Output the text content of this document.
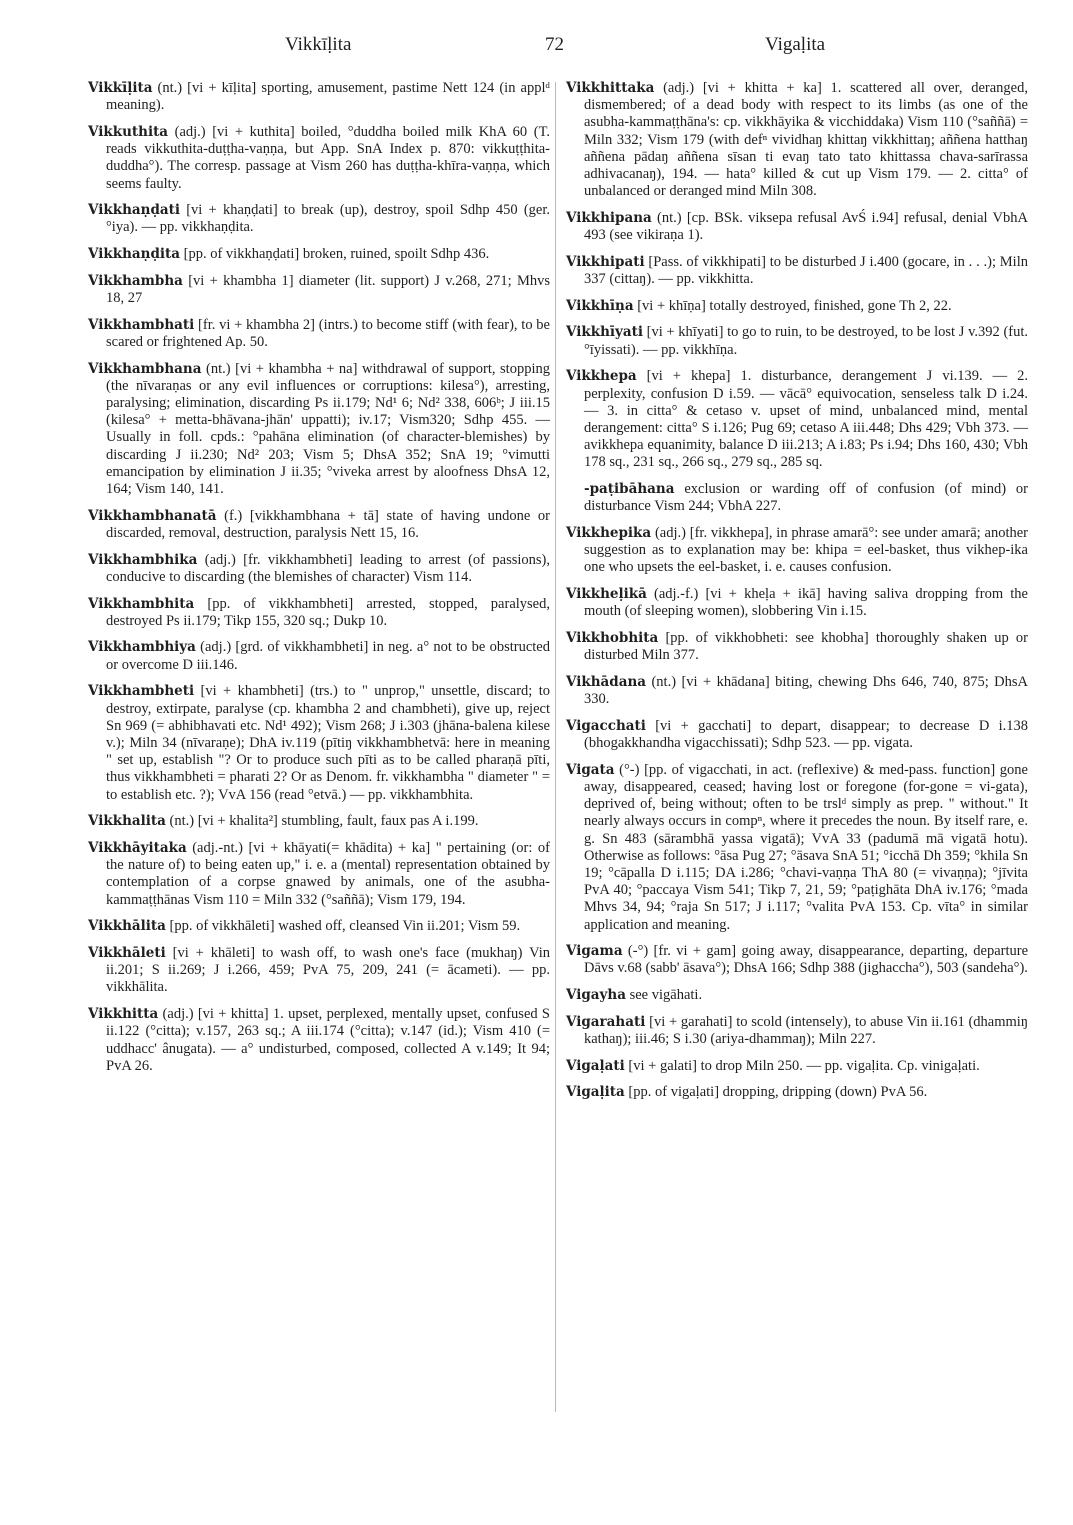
Vikkīḷita	72	Vigaḷita

Vikkīḷita (nt.) [vi + kīḷita] sporting, amusement, pastime Nett 124 (in applᵈ meaning).

Vikkuthita (adj.) [vi + kuthita] boiled, °duddha boiled milk KhA 60 (T. reads vikkuthita-duṭṭha-vaṇṇa, but App. SnA Index p. 870: vikkuṭṭhita-duddha°). The corresp. passage at Vism 260 has duṭṭha-khīra-vaṇṇa, which seems faulty.

Vikkhaṇḍati [vi + khaṇḍati] to break (up), destroy, spoil Sdhp 450 (ger. °iya). — pp. vikkhaṇḍita.

Vikkhaṇḍita [pp. of vikkhaṇḍati] broken, ruined, spoilt Sdhp 436.

Vikkhambha [vi + khambha 1] diameter (lit. support) J v.268, 271; Mhvs 18, 27

Vikkhambhati [fr. vi + khambha 2] (intrs.) to become stiff (with fear), to be scared or frightened Ap. 50.

Vikkhambhana (nt.) [vi + khambha + na] withdrawal of support, stopping (the nīvaraṇas or any evil influences or corruptions: kilesa°), arresting, paralysing; elimination, discarding Ps ii.179; Nd¹ 6; Nd² 338, 606ᵇ; J iii.15 (kilesa° + metta-bhāvana-jhān' uppatti); iv.17; Vism320; Sdhp 455. — Usually in foll. cpds.: °pahāna elimination (of character-blemishes) by discarding J ii.230; Nd² 203; Vism 5; DhsA 352; SnA 19; °vimutti emancipation by elimination J ii.35; °viveka arrest by aloofness DhsA 12, 164; Vism 140, 141.

Vikkhambhanatā (f.) [vikkhambhana + tā] state of having undone or discarded, removal, destruction, paralysis Nett 15, 16.

Vikkhambhika (adj.) [fr. vikkhambheti] leading to arrest (of passions), conducive to discarding (the blemishes of character) Vism 114.

Vikkhambhita [pp. of vikkhambheti] arrested, stopped, paralysed, destroyed Ps ii.179; Tikp 155, 320 sq.; Dukp 10.

Vikkhambhiya (adj.) [grd. of vikkhambheti] in neg. a° not to be obstructed or overcome D iii.146.

Vikkhambheti [vi + khambheti] (trs.) to " unprop," unsettle, discard; to destroy, extirpate, paralyse (cp. khambha 2 and chambheti), give up, reject Sn 969 (= abhibhavati etc. Nd¹ 492); Vism 268; J i.303 (jhāna-balena kilese v.); Miln 34 (nīvaraṇe); DhA iv.119 (pītiŋ vikkhambhetvā: here in meaning " set up, establish "? Or to produce such pīti as to be called pharaṇā pīti, thus vikkhambheti = pharati 2? Or as Denom. fr. vikkhambha " diameter " = to establish etc. ?); VvA 156 (read °etvā.) — pp. vikkhambhita.

Vikkhalita (nt.) [vi + khalita²] stumbling, fault, faux pas A i.199.

Vikkhāyitaka (adj.-nt.) [vi + khāyati(= khādita) + ka] " pertaining (or: of the nature of) to being eaten up," i. e. a (mental) representation obtained by contemplation of a corpse gnawed by animals, one of the asubha-kammaṭṭhānas Vism 110 = Miln 332 (°saññā); Vism 179, 194.

Vikkhālita [pp. of vikkhāleti] washed off, cleansed Vin ii.201; Vism 59.

Vikkhāleti [vi + khāleti] to wash off, to wash one's face (mukhaŋ) Vin ii.201; S ii.269; J i.266, 459; PvA 75, 209, 241 (= ācameti). — pp. vikkhālita.

Vikkhitta (adj.) [vi + khitta] 1. upset, perplexed, mentally upset, confused S ii.122 (°citta); v.157, 263 sq.; A iii.174 (°citta); v.147 (id.); Vism 410 (= uddhacc' ânugata). — a° undisturbed, composed, collected A v.149; It 94; PvA 26.

Vikkhittaka (adj.) [vi + khitta + ka] 1. scattered all over, deranged, dismembered; of a dead body with respect to its limbs (as one of the asubha-kammaṭṭhāna's: cp. vikkhāyika & vicchiddaka) Vism 110 (°saññā) = Miln 332; Vism 179 (with defⁿ vividhaŋ khittaŋ vikkhittaŋ; aññena hatthaŋ aññena pādaŋ aññena sīsan ti evaŋ tato tato khittassa chava-sarīrassa adhivacanaŋ), 194. — hata° killed & cut up Vism 179. — 2. citta° of unbalanced or deranged mind Miln 308.

Vikkhipana (nt.) [cp. BSk. viksepa refusal AvŚ i.94] refusal, denial VbhA 493 (see vikiraṇa 1).

Vikkhipati [Pass. of vikkhipati] to be disturbed J i.400 (gocare, in . . .); Miln 337 (cittaŋ). — pp. vikkhitta.

Vikkhīṇa [vi + khīṇa] totally destroyed, finished, gone Th 2, 22.

Vikkhīyati [vi + khīyati] to go to ruin, to be destroyed, to be lost J v.392 (fut. °īyissati). — pp. vikkhīṇa.

Vikkhepa [vi + khepa] 1. disturbance, derangement J vi.139. — 2. perplexity, confusion D i.59. — vācā° equivocation, senseless talk D i.24. — 3. in citta° & cetaso v. upset of mind, unbalanced mind, mental derangement: citta° S i.126; Pug 69; cetaso A iii.448; Dhs 429; Vbh 373. — avikkhepa equanimity, balance D iii.213; A i.83; Ps i.94; Dhs 160, 430; Vbh 178 sq., 231 sq., 266 sq., 279 sq., 285 sq.

-paṭibāhana exclusion or warding off of confusion (of mind) or disturbance Vism 244; VbhA 227.

Vikkhepika (adj.) [fr. vikkhepa], in phrase amarā°: see under amarā; another suggestion as to explanation may be: khipa = eel-basket, thus vikhep-ika one who upsets the eel-basket, i. e. causes confusion.

Vikkheḷikā (adj.-f.) [vi + kheḷa + ikā] having saliva dropping from the mouth (of sleeping women), slobbering Vin i.15.

Vikkhobhita [pp. of vikkhobheti: see khobha] thoroughly shaken up or disturbed Miln 377.

Vikhādana (nt.) [vi + khādana] biting, chewing Dhs 646, 740, 875; DhsA 330.

Vigacchati [vi + gacchati] to depart, disappear; to decrease D i.138 (bhogakkhandha vigacchissati); Sdhp 523. — pp. vigata.

Vigata (°-) [pp. of vigacchati, in act. (reflexive) & med-pass. function] gone away, disappeared, ceased; having lost or foregone (for-gone = vi-gata), deprived of, being without; often to be trslᵈ simply as prep. " without." It nearly always occurs in compⁿ, where it precedes the noun. By itself rare, e. g. Sn 483 (sārambhā yassa vigatā); VvA 33 (padumā mā vigatā hotu). Otherwise as follows: °āsa Pug 27; °āsava SnA 51; °icchā Dh 359; °khila Sn 19; °cāpalla D i.115; DA i.286; °chavi-vaṇṇa ThA 80 (= vivaṇṇa); °jīvita PvA 40; °paccaya Vism 541; Tikp 7, 21, 59; °paṭighāta DhA iv.176; °mada Mhvs 34, 94; °raja Sn 517; J i.117; °valita PvA 153. Cp. vīta° in similar application and meaning.

Vigama (-°) [fr. vi + gam] going away, disappearance, departing, departure Dāvs v.68 (sabb' āsava°); DhsA 166; Sdhp 388 (jighaccha°), 503 (sandeha°).

Vigayha see vigāhati.

Vigarahati [vi + garahati] to scold (intensely), to abuse Vin ii.161 (dhammiŋ kathaŋ); iii.46; S i.30 (ariya-dhammaŋ); Miln 227.

Vigaḷati [vi + galati] to drop Miln 250. — pp. vigaḷita. Cp. vinigaḷati.

Vigaḷita [pp. of vigaḷati] dropping, dripping (down) PvA 56.
